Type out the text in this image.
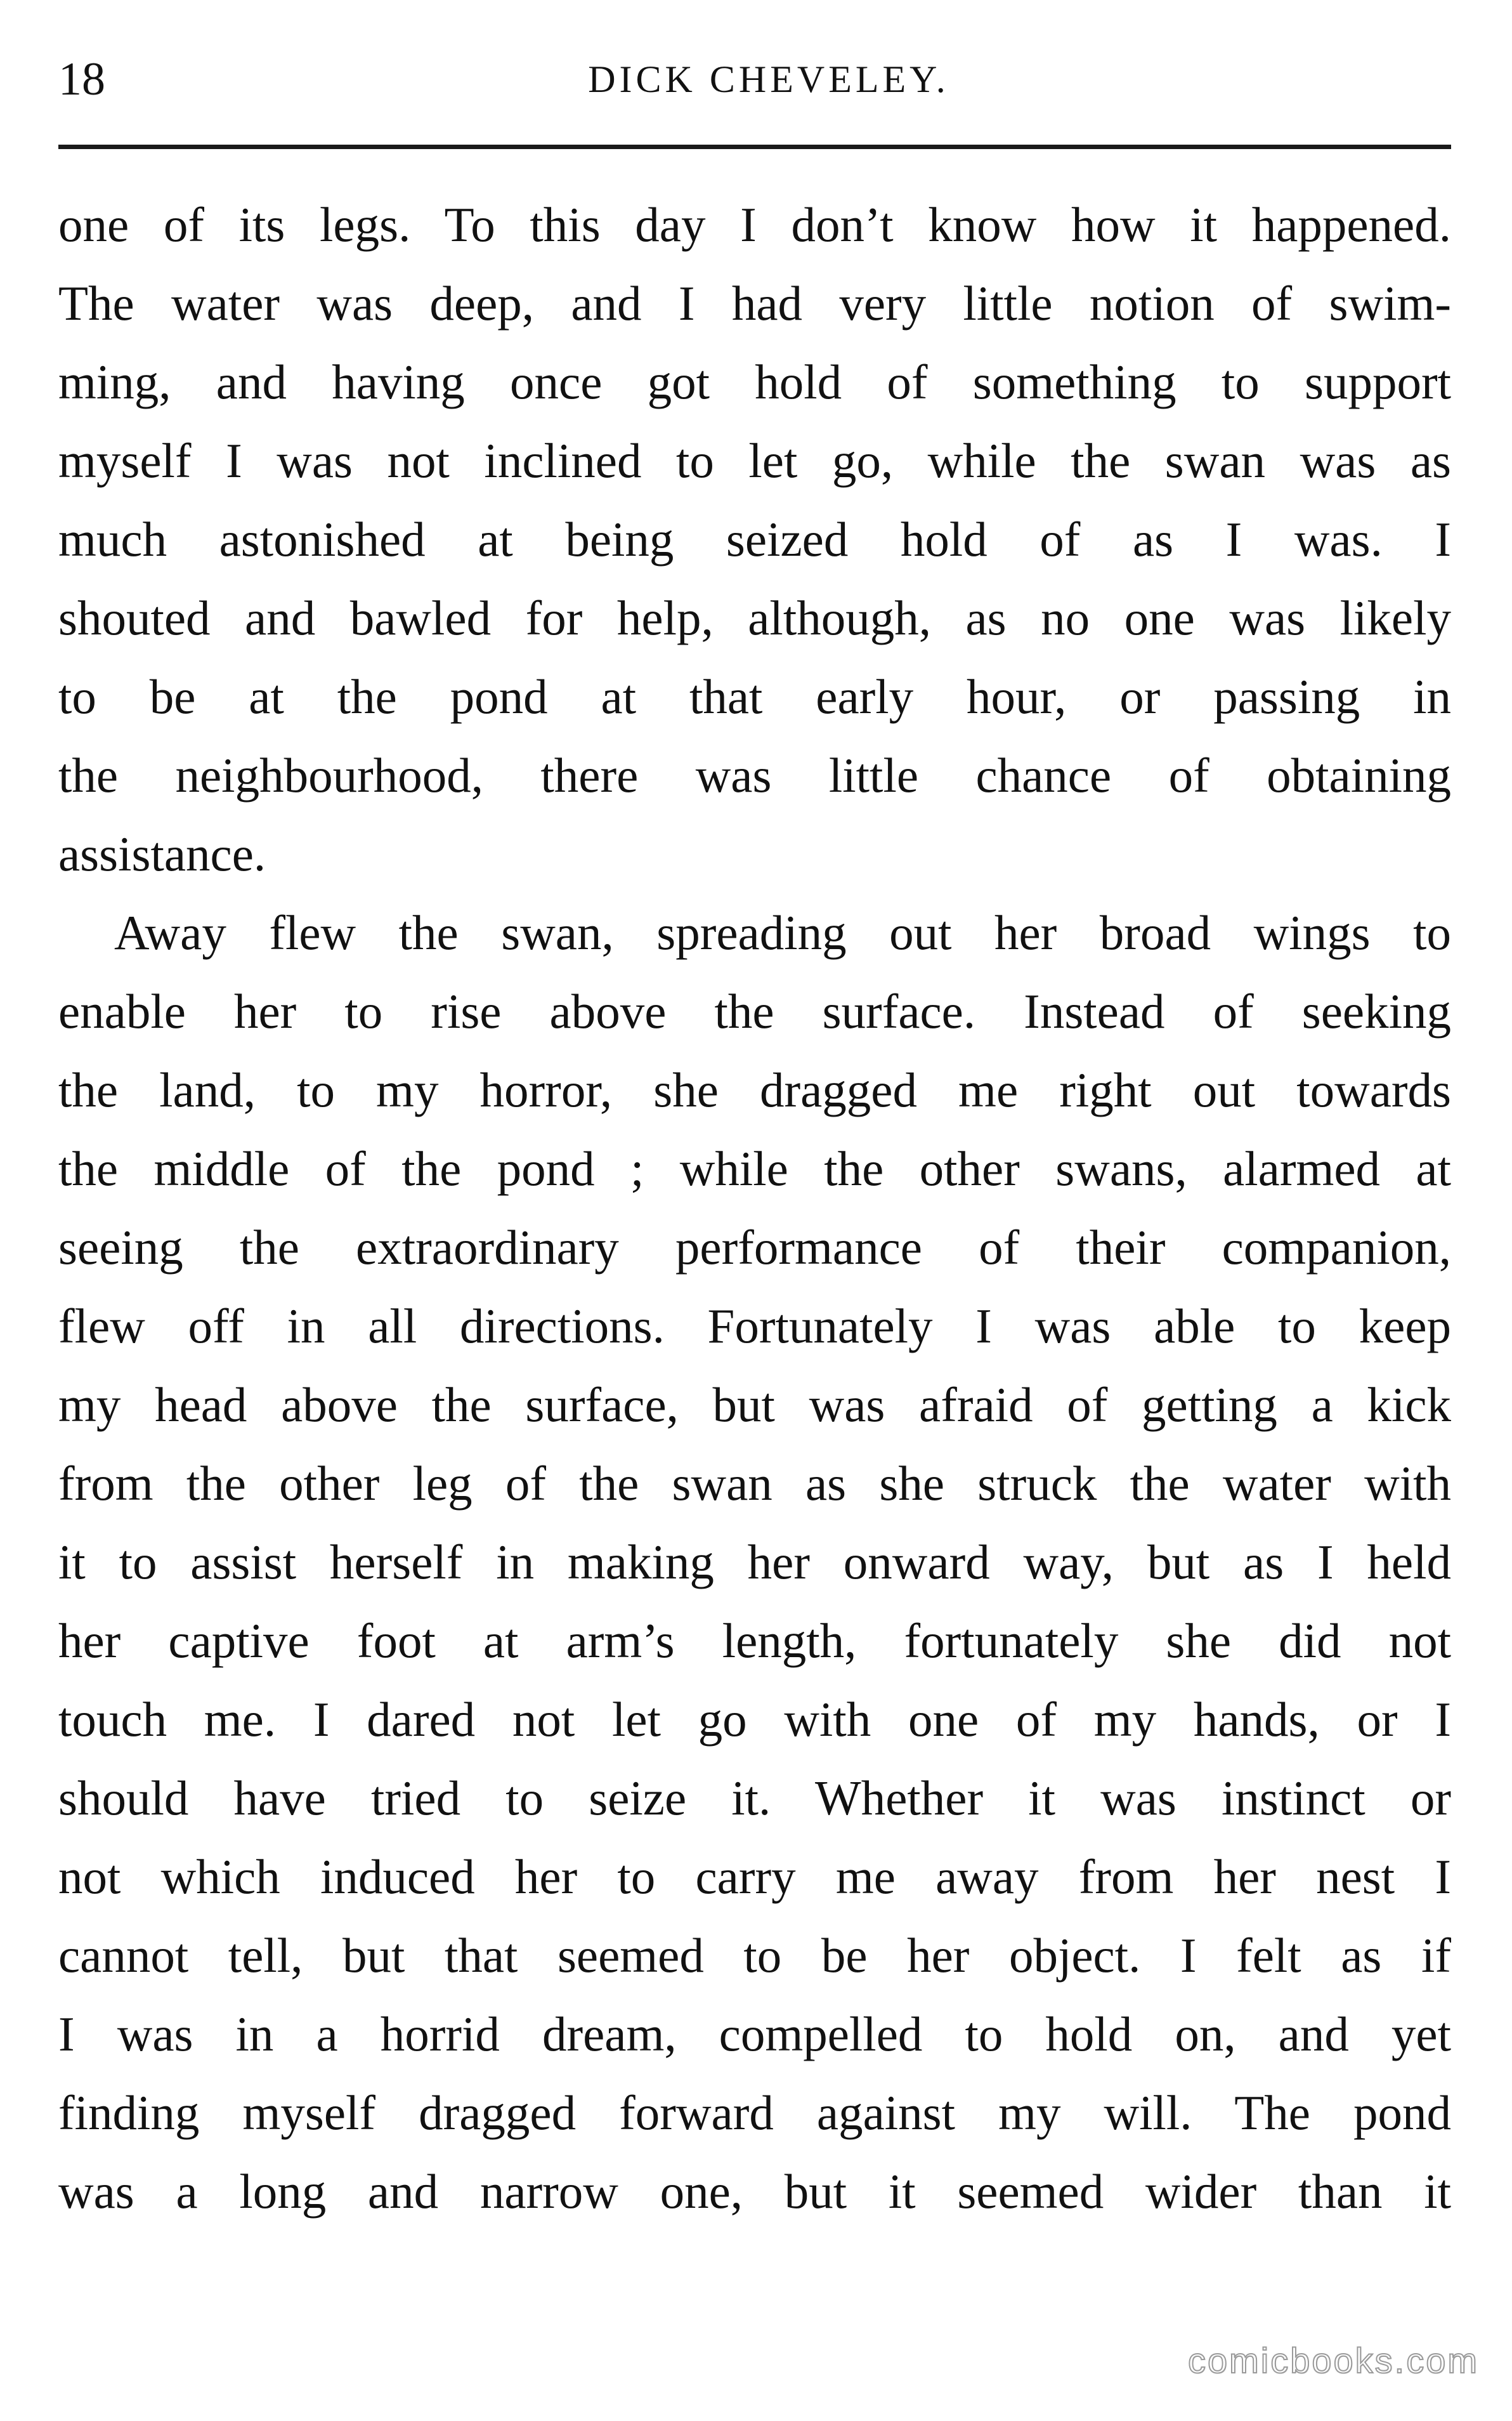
18	DICK CHEVELEY.
one of its legs. To this day I don’t know how it happened.
The water was deep, and I had very little notion of swim-
ming, and having once got hold of something to support
myself I was not inclined to let go, while the swan was as
much astonished at being seized hold of as I was. I
shouted and bawled for help, although, as no one was likely
to be at the pond at that early hour, or passing in
the neighbourhood, there was little chance of obtaining
assistance.
Away flew the swan, spreading out her broad wings to
enable her to rise above the surface. Instead of seeking
the land, to my horror, she dragged me right out towards
the middle of the pond ; while the other swans, alarmed at
seeing the extraordinary performance of their companion,
flew off in all directions. Fortunately I was able to keep
my head above the surface, but was afraid of getting a kick
from the other leg of the swan as she struck the water with
it to assist herself in making her onward way, but as I held
her captive foot at arm’s length, fortunately she did not
touch me. I dared not let go with one of my hands, or I
should have tried to seize it. Whether it was instinct or
not which induced her to carry me away from her nest I
cannot tell, but that seemed to be her object. I felt as if
I was in a horrid dream, compelled to hold on, and yet
finding myself dragged forward against my will. The pond
was a long and narrow one, but it seemed wider than it
comicbooks.com
